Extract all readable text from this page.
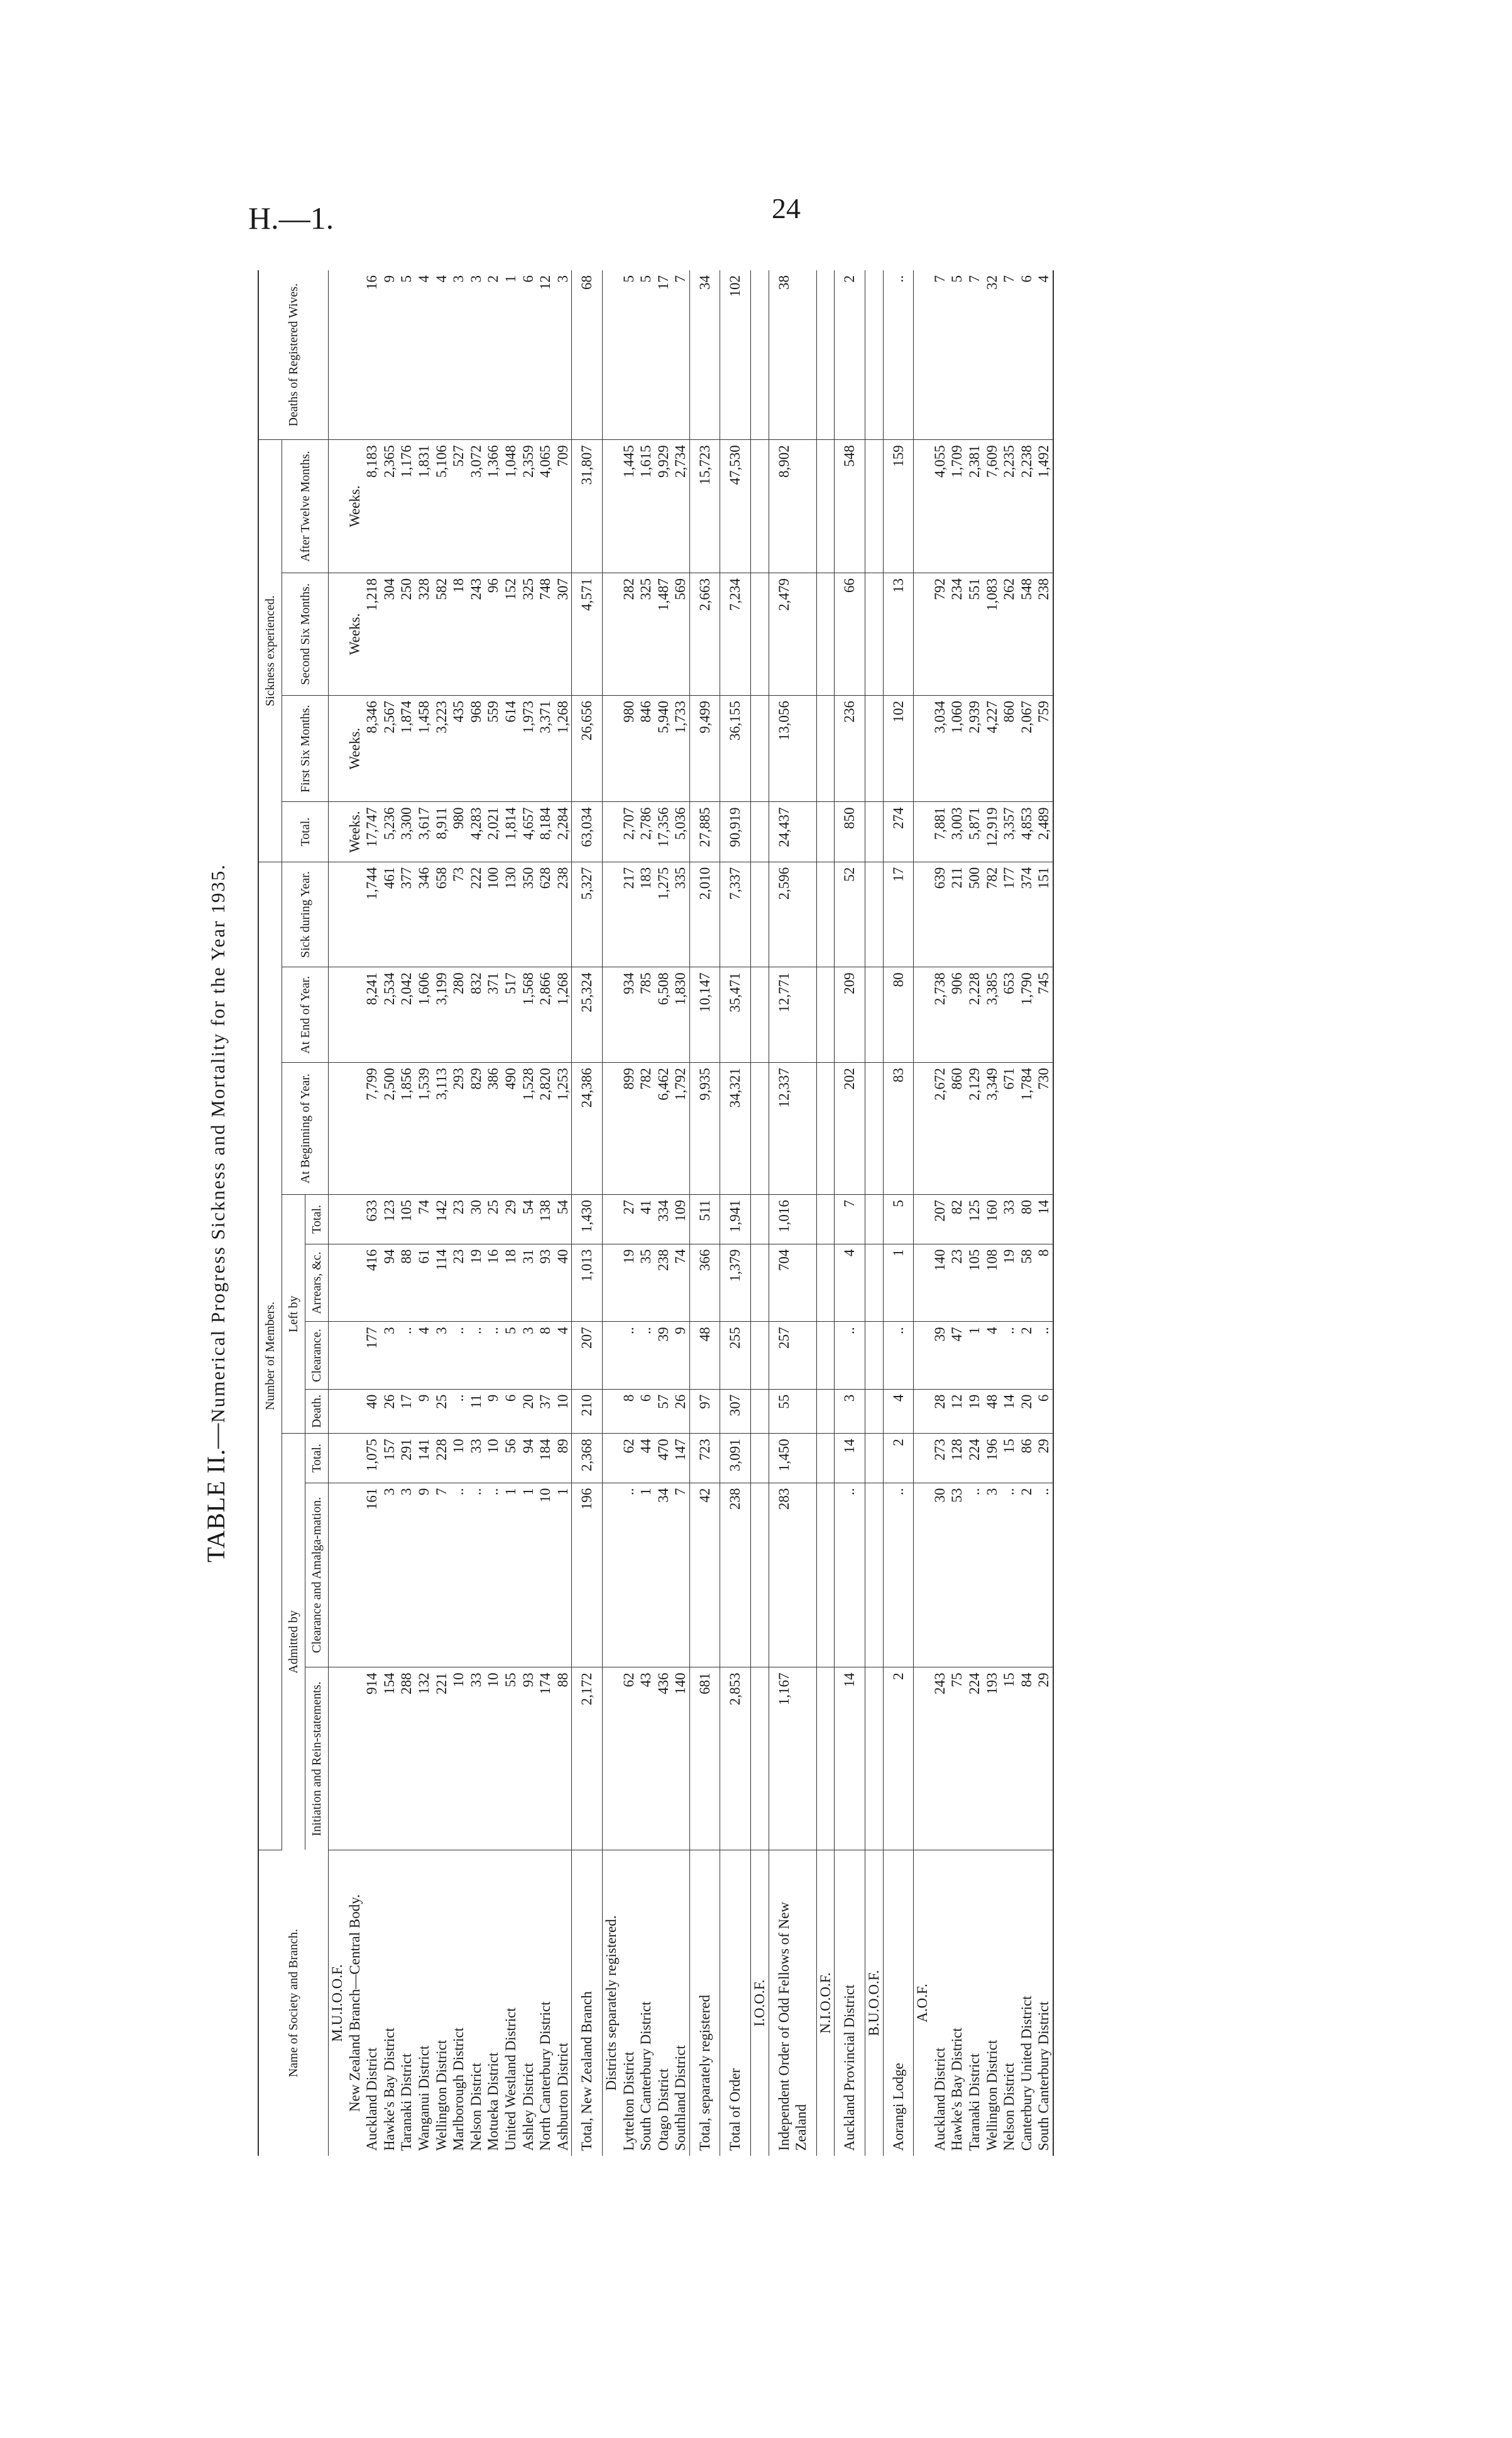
H.—1.	24
TABLE II.—Numerical Progress Sickness and Mortality for the Year 1935.
Name of Society and Branch.	Number of Members.										Sickness experienced.				Deaths of Registered Wives.
	Admitted by			Left by				At Beginning of Year.	At End of Year.	Sick during Year.	Total.	First Six Months.	Second Six Months.	After Twelve Months.	
	Initiation and Rein-statements.	Clearance and Amalga-mation.	Total.	Death.	Clearance.	Arrears, &c.	Total.								
M.U.I.O.O.F.															
New Zealand Branch—Central Body.											Weeks.	Weeks.	Weeks.	Weeks.	
Auckland District	914	161	1,075	40	177	416	633	7,799	8,241	1,744	17,747	8,346	1,218	8,183	16
Hawke's Bay District	154	3	157	26	3	94	123	2,500	2,534	461	5,236	2,567	304	2,365	9
Taranaki District	288	3	291	17	..	88	105	1,856	2,042	377	3,300	1,874	250	1,176	5
Wanganui District	132	9	141	9	4	61	74	1,539	1,606	346	3,617	1,458	328	1,831	4
Wellington District	221	7	228	25	3	114	142	3,113	3,199	658	8,911	3,223	582	5,106	4
Marlborough District	10	..	10	..	..	23	23	293	280	73	980	435	18	527	3
Nelson District	33	..	33	11	..	19	30	829	832	222	4,283	968	243	3,072	3
Motueka District	10	..	10	9	..	16	25	386	371	100	2,021	559	96	1,366	2
United Westland District	55	1	56	6	5	18	29	490	517	130	1,814	614	152	1,048	1
Ashley District	93	1	94	20	3	31	54	1,528	1,568	350	4,657	1,973	325	2,359	6
North Canterbury District	174	10	184	37	8	93	138	2,820	2,866	628	8,184	3,371	748	4,065	12
Ashburton District	88	1	89	10	4	40	54	1,253	1,268	238	2,284	1,268	307	709	3
Total, New Zealand Branch	2,172	196	2,368	210	207	1,013	1,430	24,386	25,324	5,327	63,034	26,656	4,571	31,807	68
Districts separately registered.															
Lyttelton District	62	..	62	8	..	19	27	899	934	217	2,707	980	282	1,445	5
South Canterbury District	43	1	44	6	..	35	41	782	785	183	2,786	846	325	1,615	5
Otago District	436	34	470	57	39	238	334	6,462	6,508	1,275	17,356	5,940	1,487	9,929	17
Southland District	140	7	147	26	9	74	109	1,792	1,830	335	5,036	1,733	569	2,734	7
Total, separately registered	681	42	723	97	48	366	511	9,935	10,147	2,010	27,885	9,499	2,663	15,723	34
Total of Order	2,853	238	3,091	307	255	1,379	1,941	34,321	35,471	7,337	90,919	36,155	7,234	47,530	102
I.O.O.F.															
Independent Order of Odd Fellows of New Zealand	1,167	283	1,450	55	257	704	1,016	12,337	12,771	2,596	24,437	13,056	2,479	8,902	38
N.I.O.O.F.															
Auckland Provincial District	14	..	14	3	..	4	7	202	209	52	850	236	66	548	2
B.U.O.O.F.															
Aorangi Lodge	2	..	2	4	..	1	5	83	80	17	274	102	13	159	..
A.O.F.															
Auckland District	243	30	273	28	39	140	207	2,672	2,738	639	7,881	3,034	792	4,055	7
Hawke's Bay District	75	53	128	12	47	23	82	860	906	211	3,003	1,060	234	1,709	5
Taranaki District	224	..	224	19	1	105	125	2,129	2,228	500	5,871	2,939	551	2,381	7
Wellington District	193	3	196	48	4	108	160	3,349	3,385	782	12,919	4,227	1,083	7,609	32
Nelson District	15	..	15	14	..	19	33	671	653	177	3,357	860	262	2,235	7
Canterbury United District	84	2	86	20	2	58	80	1,784	1,790	374	4,853	2,067	548	2,238	6
South Canterbury District	29	..	29	6	..	8	14	730	745	151	2,489	759	238	1,492	4
